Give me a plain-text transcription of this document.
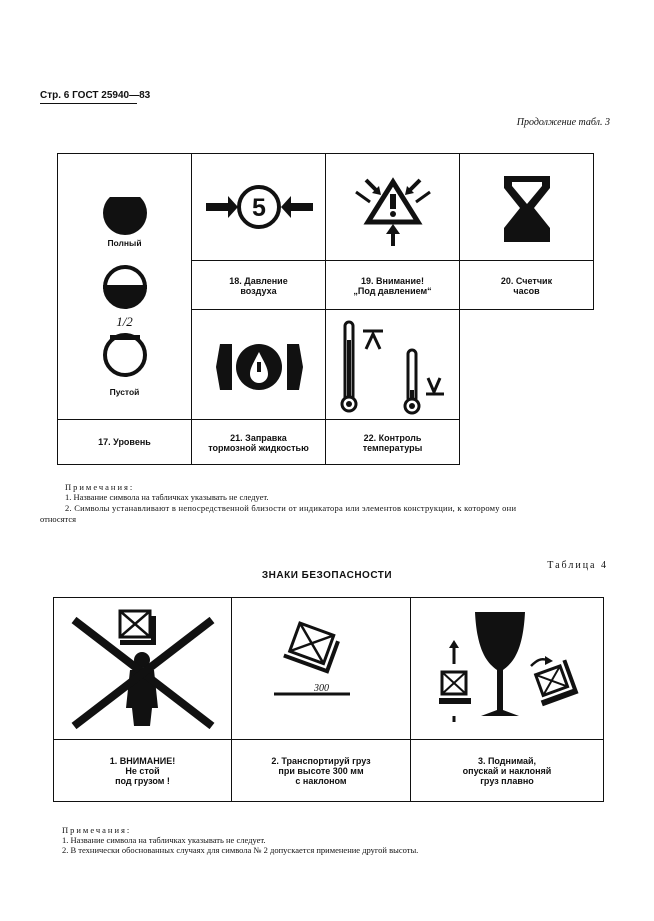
Стр. 6 ГОСТ 25940—83
Продолжение табл. 3
Полный
1/2
Пустой
17. Уровень
5
18. Давление
воздуха
19. Внимание!
„Под давлением“
20. Счетчик
часов
21. Заправка
тормозной жидкостью
22. Контроль
температуры
Примечания:
1. Название символа на табличках указывать не следует.
2. Символы устанавливают в непосредственной близости от индикатора или элементов конструкции, к которому они
относятся
Таблица 4
ЗНАКИ БЕЗОПАСНОСТИ
300
1. ВНИМАНИЕ!
Не стой
под грузом !
2. Транспортируй груз
при высоте 300 мм
с наклоном
3. Поднимай,
опускай и наклоняй
груз плавно
Примечания:
1. Название символа на табличках указывать не следует.
2. В технически обоснованных случаях для символа № 2 допускается применение другой высоты.
